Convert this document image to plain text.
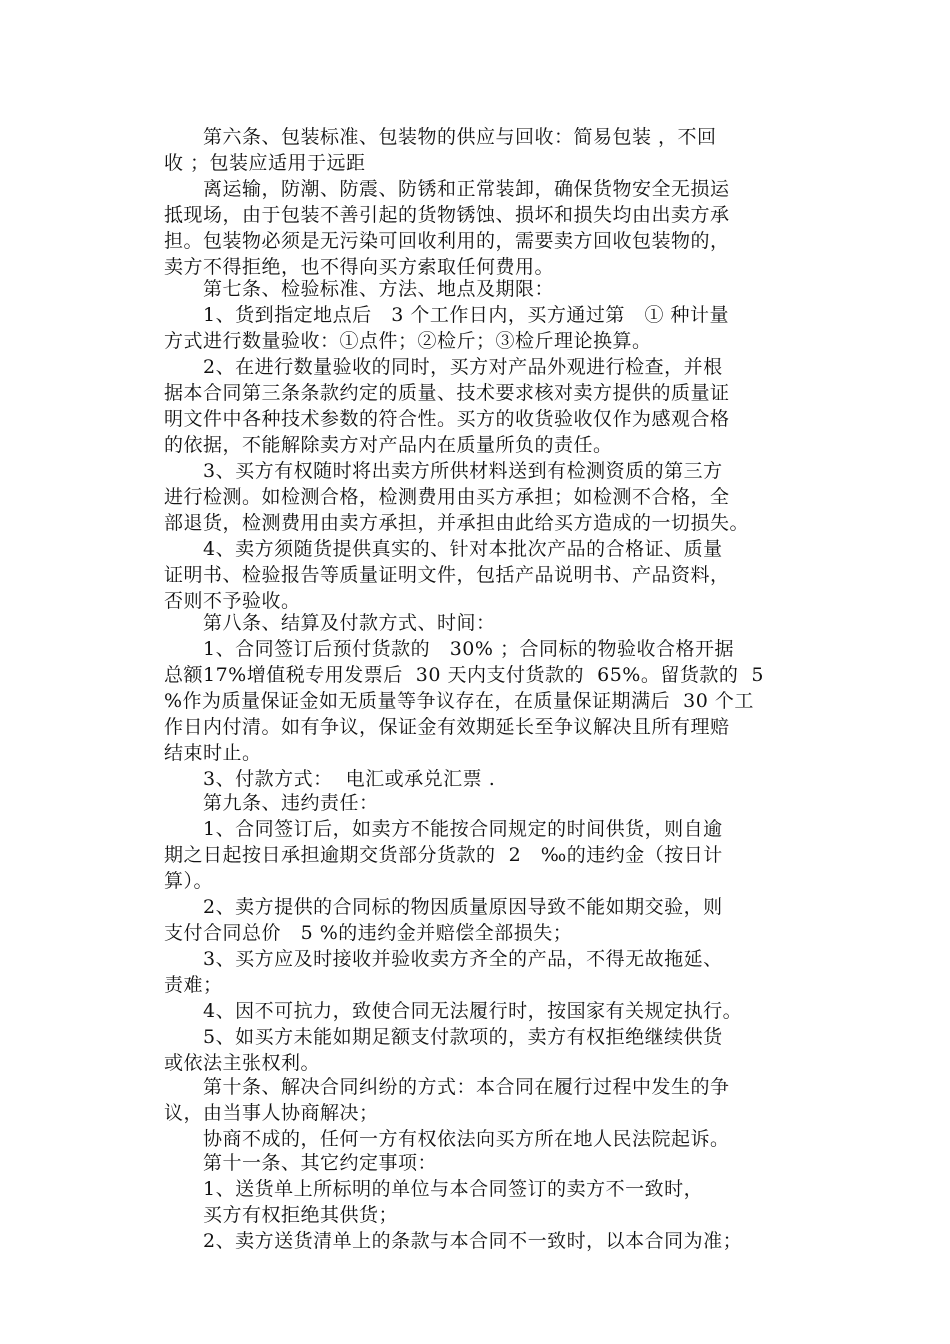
第六条、包装标准、包装物的供应与回收：简易包装 ，不回
收 ；包装应适用于远距
离运输，防潮、防震、防锈和正常装卸，确保货物安全无损运
抵现场，由于包装不善引起的货物锈蚀、损坏和损失均由出卖方承
担。包装物必须是无污染可回收利用的，需要卖方回收包装物的，
卖方不得拒绝，也不得向买方索取任何费用。
第七条、检验标准、方法、地点及期限：
1、货到指定地点后   3 个工作日内，买方通过第   ① 种计量
方式进行数量验收：①点件；②检斤；③检斤理论换算。
2、在进行数量验收的同时，买方对产品外观进行检查，并根
据本合同第三条条款约定的质量、技术要求核对卖方提供的质量证
明文件中各种技术参数的符合性。买方的收货验收仅作为感观合格
的依据，不能解除卖方对产品内在质量所负的责任。
3、买方有权随时将出卖方所供材料送到有检测资质的第三方
进行检测。如检测合格，检测费用由买方承担；如检测不合格，全
部退货，检测费用由卖方承担，并承担由此给买方造成的一切损失。
4、卖方须随货提供真实的、针对本批次产品的合格证、质量
证明书、检验报告等质量证明文件，包括产品说明书、产品资料，
否则不予验收。
第八条、结算及付款方式、时间：
1、合同签订后预付货款的   30% ；合同标的物验收合格开据
总额17%增值税专用发票后  30 天内支付货款的  65%。留货款的  5
%作为质量保证金如无质量等争议存在，在质量保证期满后  30 个工
作日内付清。如有争议，保证金有效期延长至争议解决且所有理赔
结束时止。
3、付款方式：  电汇或承兑汇票 .
第九条、违约责任：
1、合同签订后，如卖方不能按合同规定的时间供货，则自逾
期之日起按日承担逾期交货部分货款的  2   ‰的违约金（按日计
算）。
2、卖方提供的合同标的物因质量原因导致不能如期交验，则
支付合同总价   5 %的违约金并赔偿全部损失；
3、买方应及时接收并验收卖方齐全的产品，不得无故拖延、
责难；
4、因不可抗力，致使合同无法履行时，按国家有关规定执行。
5、如买方未能如期足额支付款项的，卖方有权拒绝继续供货
或依法主张权利。
第十条、解决合同纠纷的方式：本合同在履行过程中发生的争
议，由当事人协商解决；
协商不成的，任何一方有权依法向买方所在地人民法院起诉。
第十一条、其它约定事项：
1、送货单上所标明的单位与本合同签订的卖方不一致时，
买方有权拒绝其供货；
2、卖方送货清单上的条款与本合同不一致时，以本合同为准；
